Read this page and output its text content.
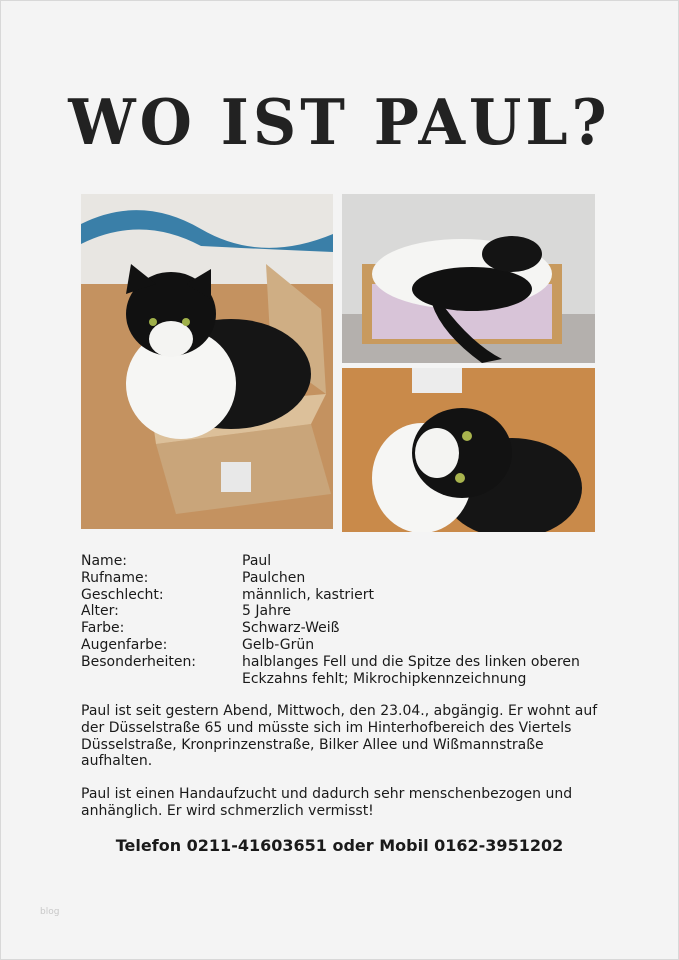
WO IST PAUL?
Name:	Paul
Rufname:	Paulchen
Geschlecht:	männlich, kastriert
Alter:	5 Jahre
Farbe:	Schwarz-Weiß
Augenfarbe:	Gelb-Grün
Besonderheiten:	halblanges Fell und die Spitze des linken oberen Eckzahns fehlt; Mikrochipkennzeichnung
Paul ist seit gestern Abend, Mittwoch, den 23.04., abgängig. Er wohnt auf der Düsselstraße 65 und müsste sich im Hinterhofbereich des Viertels Düsselstraße, Kronprinzenstraße, Bilker Allee und Wißmannstraße aufhalten.
Paul ist einen Handaufzucht und dadurch sehr menschenbezogen und anhänglich. Er wird schmerzlich vermisst!
Telefon 0211-41603651 oder Mobil 0162-3951202
blog
